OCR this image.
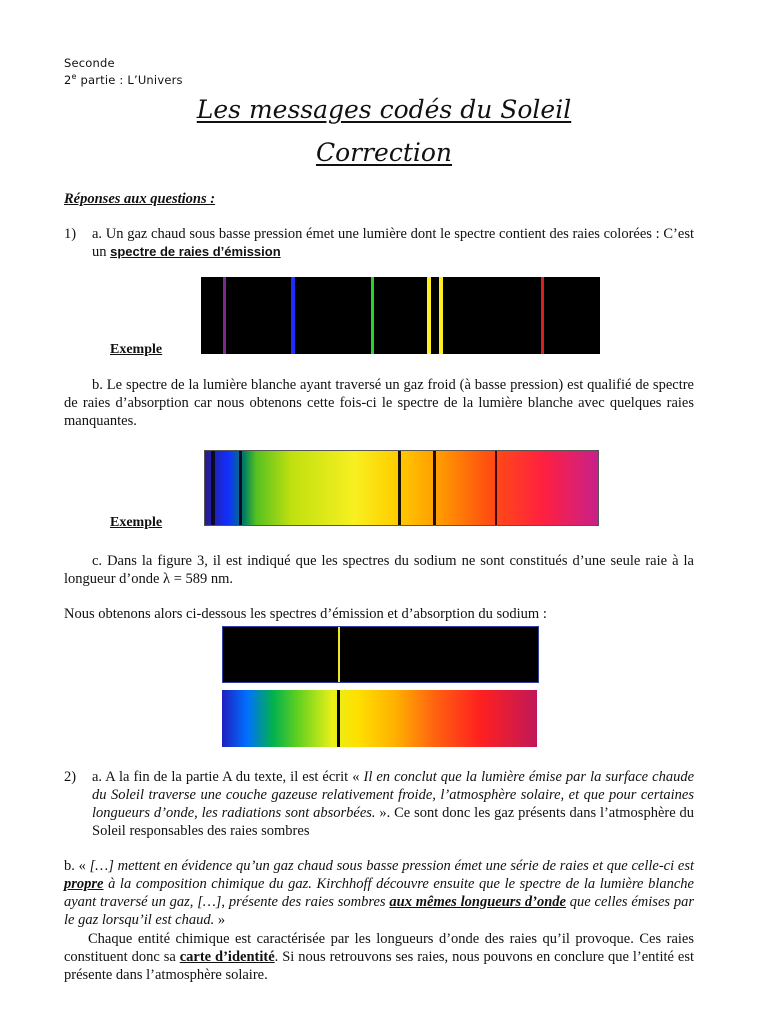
Seconde
2e partie : L’Univers
Les messages codés du Soleil
Correction
Réponses aux questions :
1) a. Un gaz chaud sous basse pression émet une lumière dont le spectre contient des raies colorées : C’est un spectre de raies d’émission
Exemple
b. Le spectre de la lumière blanche ayant traversé un gaz froid (à basse pression) est qualifié de spectre de raies d’absorption car nous obtenons cette fois-ci le spectre de la lumière blanche avec quelques raies manquantes.
Exemple
c. Dans la figure 3, il est indiqué que les spectres du sodium ne sont constitués d’une seule raie à la longueur d’onde λ = 589 nm.
Nous obtenons alors ci-dessous les spectres d’émission et d’absorption du sodium :
2) a. A la fin de la partie A du texte, il est écrit « Il en conclut que la lumière émise par la surface chaude du Soleil traverse une couche gazeuse relativement froide, l’atmosphère solaire, et que pour certaines longueurs d’onde, les radiations sont absorbées. ». Ce sont donc les gaz présents dans l’atmosphère du Soleil responsables des raies sombres
b. « […] mettent en évidence qu’un gaz chaud sous basse pression émet une série de raies et que celle-ci est propre à la composition chimique du gaz. Kirchhoff découvre ensuite que le spectre de la lumière blanche ayant traversé un gaz, […], présente des raies sombres aux mêmes longueurs d’onde que celles émises par le gaz lorsqu’il est chaud. »
Chaque entité chimique est caractérisée par les longueurs d’onde des raies qu’il provoque. Ces raies constituent donc sa carte d’identité. Si nous retrouvons ses raies, nous pouvons en conclure que l’entité est présente dans l’atmosphère solaire.
